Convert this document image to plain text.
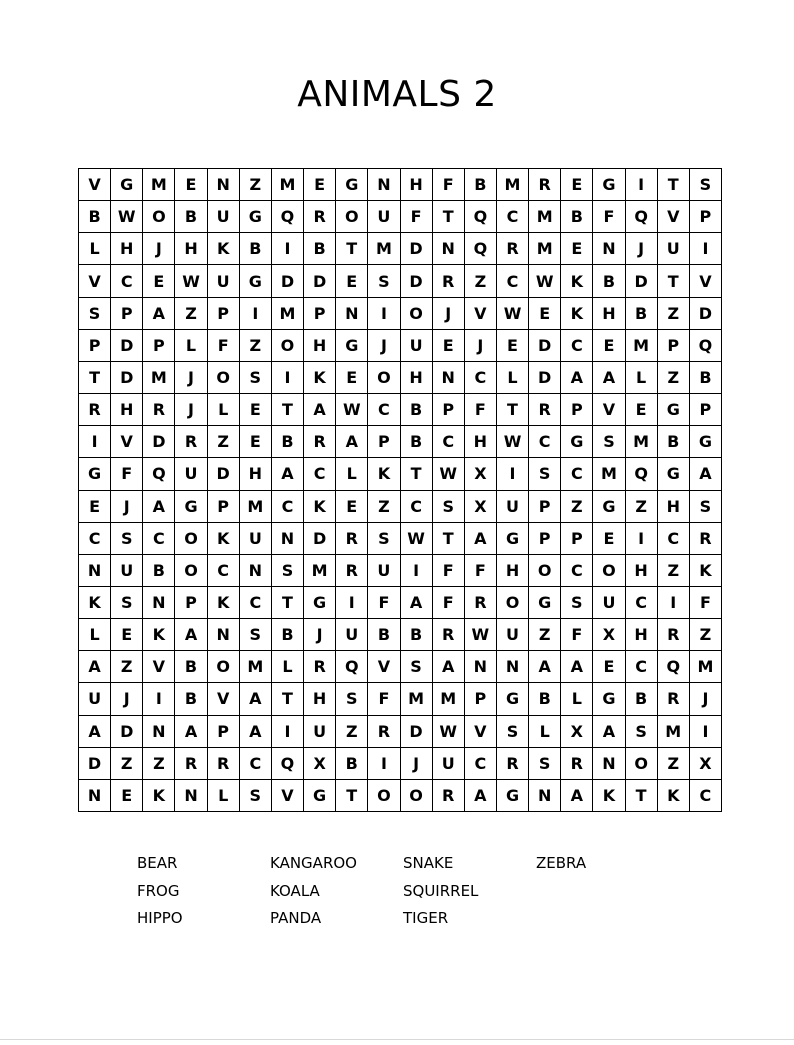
ANIMALS 2
V	G	M	E	N	Z	M	E	G	N	H	F	B	M	R	E	G	I	T	S
B	W	O	B	U	G	Q	R	O	U	F	T	Q	C	M	B	F	Q	V	P
L	H	J	H	K	B	I	B	T	M	D	N	Q	R	M	E	N	J	U	I
V	C	E	W	U	G	D	D	E	S	D	R	Z	C	W	K	B	D	T	V
S	P	A	Z	P	I	M	P	N	I	O	J	V	W	E	K	H	B	Z	D
P	D	P	L	F	Z	O	H	G	J	U	E	J	E	D	C	E	M	P	Q
T	D	M	J	O	S	I	K	E	O	H	N	C	L	D	A	A	L	Z	B
R	H	R	J	L	E	T	A	W	C	B	P	F	T	R	P	V	E	G	P
I	V	D	R	Z	E	B	R	A	P	B	C	H	W	C	G	S	M	B	G
G	F	Q	U	D	H	A	C	L	K	T	W	X	I	S	C	M	Q	G	A
E	J	A	G	P	M	C	K	E	Z	C	S	X	U	P	Z	G	Z	H	S
C	S	C	O	K	U	N	D	R	S	W	T	A	G	P	P	E	I	C	R
N	U	B	O	C	N	S	M	R	U	I	F	F	H	O	C	O	H	Z	K
K	S	N	P	K	C	T	G	I	F	A	F	R	O	G	S	U	C	I	F
L	E	K	A	N	S	B	J	U	B	B	R	W	U	Z	F	X	H	R	Z
A	Z	V	B	O	M	L	R	Q	V	S	A	N	N	A	A	E	C	Q	M
U	J	I	B	V	A	T	H	S	F	M	M	P	G	B	L	G	B	R	J
A	D	N	A	P	A	I	U	Z	R	D	W	V	S	L	X	A	S	M	I
D	Z	Z	R	R	C	Q	X	B	I	J	U	C	R	S	R	N	O	Z	X
N	E	K	N	L	S	V	G	T	O	O	R	A	G	N	A	K	T	K	C
BEAR
FROG
HIPPO
KANGAROO
KOALA
PANDA
SNAKE
SQUIRREL
TIGER
ZEBRA
